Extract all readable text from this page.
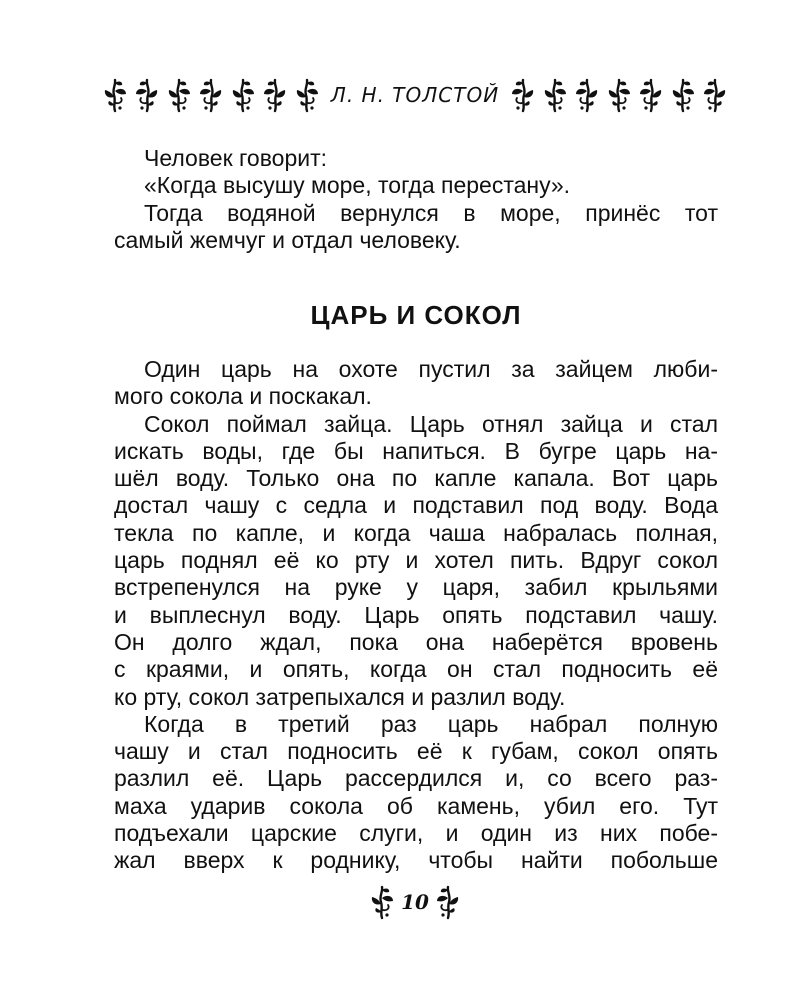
Л. Н. ТОЛСТОЙ
Человек говорит:
«Когда высушу море, тогда перестану».
Тогда водяной вернулся в море, принёс тот
самый жемчуг и отдал человеку.
ЦАРЬ И СОКОЛ
Один царь на охоте пустил за зайцем люби-
мого сокола и поскакал.
Сокол поймал зайца. Царь отнял зайца и стал
искать воды, где бы напиться. В бугре царь на-
шёл воду. Только она по капле капала. Вот царь
достал чашу с седла и подставил под воду. Вода
текла по капле, и когда чаша набралась полная,
царь поднял её ко рту и хотел пить. Вдруг сокол
встрепенулся на руке у царя, забил крыльями
и выплеснул воду. Царь опять подставил чашу.
Он долго ждал, пока она наберётся вровень
с краями, и опять, когда он стал подносить её
ко рту, сокол затрепыхался и разлил воду.
Когда в третий раз царь набрал полную
чашу и стал подносить её к губам, сокол опять
разлил её. Царь рассердился и, со всего раз-
маха ударив сокола об камень, убил его. Тут
подъехали царские слуги, и один из них побе-
жал вверх к роднику, чтобы найти побольше
10
